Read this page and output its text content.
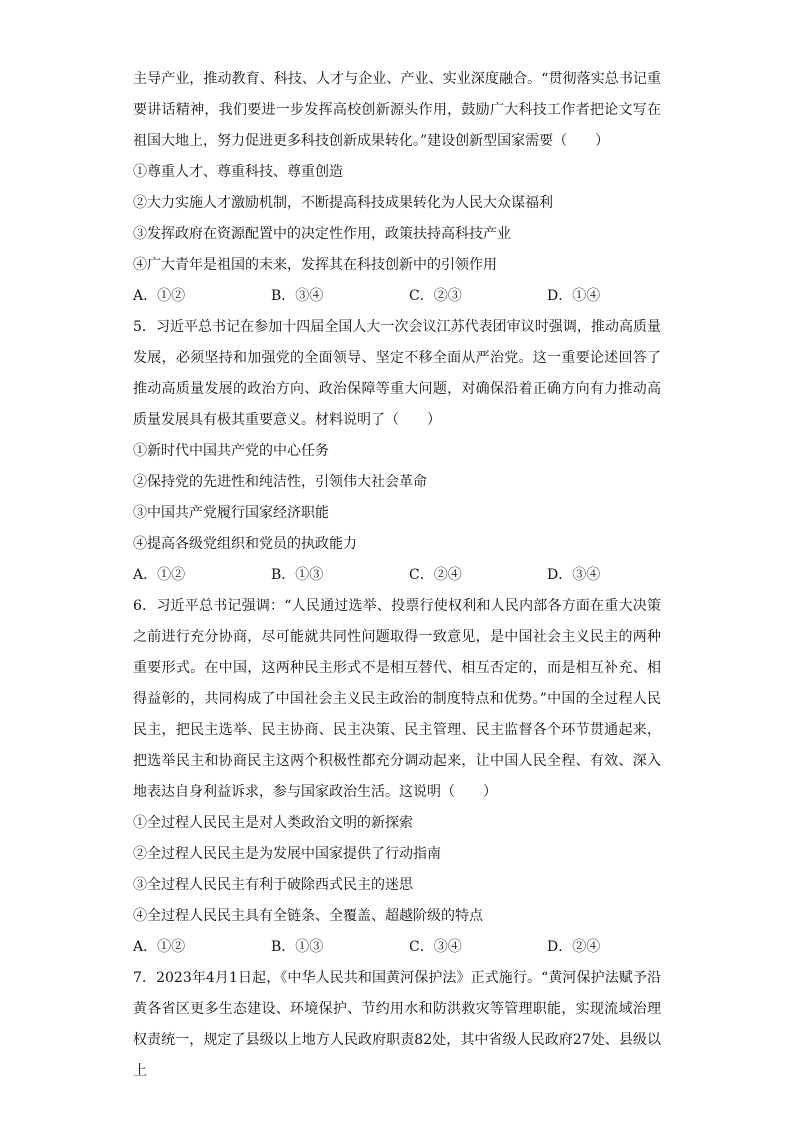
主导产业，推动教育、科技、人才与企业、产业、实业深度融合。“贯彻落实总书记重要讲话精神，我们要进一步发挥高校创新源头作用，鼓励广大科技工作者把论文写在祖国大地上，努力促进更多科技创新成果转化。”建设创新型国家需要（　　）

①尊重人才、尊重科技、尊重创造

②大力实施人才激励机制，不断提高科技成果转化为人民大众谋福利

③发挥政府在资源配置中的决定性作用，政策扶持高科技产业

④广大青年是祖国的未来，发挥其在科技创新中的引领作用

A．①②	B．③④	C．②③	D．①④

5．习近平总书记在参加十四届全国人大一次会议江苏代表团审议时强调，推动高质量发展，必须坚持和加强党的全面领导、坚定不移全面从严治党。这一重要论述回答了推动高质量发展的政治方向、政治保障等重大问题，对确保沿着正确方向有力推动高质量发展具有极其重要意义。材料说明了（　　）

①新时代中国共产党的中心任务

②保持党的先进性和纯洁性，引领伟大社会革命

③中国共产党履行国家经济职能

④提高各级党组织和党员的执政能力

A．①②	B．①③	C．②④	D．③④

6．习近平总书记强调：“人民通过选举、投票行使权利和人民内部各方面在重大决策之前进行充分协商，尽可能就共同性问题取得一致意见，是中国社会主义民主的两种重要形式。在中国，这两种民主形式不是相互替代、相互否定的，而是相互补充、相得益彰的，共同构成了中国社会主义民主政治的制度特点和优势。”中国的全过程人民民主，把民主选举、民主协商、民主决策、民主管理、民主监督各个环节贯通起来，把选举民主和协商民主这两个积极性都充分调动起来，让中国人民全程、有效、深入地表达自身利益诉求，参与国家政治生活。这说明（　　）

①全过程人民民主是对人类政治文明的新探索

②全过程人民民主是为发展中国家提供了行动指南

③全过程人民民主有利于破除西式民主的迷思

④全过程人民民主具有全链条、全覆盖、超越阶级的特点

A．①②	B．①③	C．③④	D．②④

7．2023年4月1日起，《中华人民共和国黄河保护法》正式施行。“黄河保护法赋予沿黄各省区更多生态建设、环境保护、节约用水和防洪救灾等管理职能，实现流域治理权责统一，规定了县级以上地方人民政府职责82处，其中省级人民政府27处、县级以上
